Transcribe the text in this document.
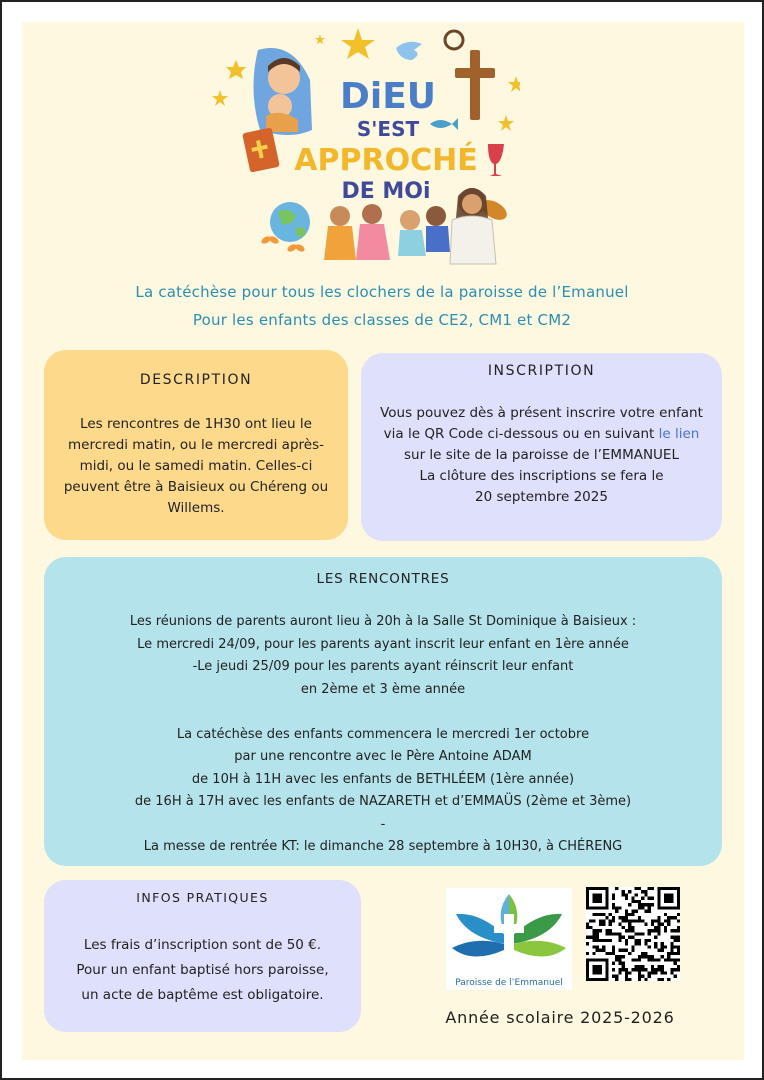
DiEU
S'EST
APPROCHÉ
DE MOi
La catéchèse pour tous les clochers de la paroisse de l’Emanuel
Pour les enfants des classes de CE2, CM1 et CM2
DESCRIPTION
Les rencontres de 1H30 ont lieu le mercredi matin, ou le mercredi après-midi, ou le samedi matin. Celles-ci peuvent être à Baisieux ou Chéreng ou Willems.
INSCRIPTION
Vous pouvez dès à présent inscrire votre enfant via le QR Code ci-dessous ou en suivant le lien sur le site de la paroisse de l’EMMANUEL
La clôture des inscriptions se fera le
20 septembre 2025
LES RENCONTRES
Les réunions de parents auront lieu à 20h à la Salle St Dominique à Baisieux :
Le mercredi 24/09, pour les parents ayant inscrit leur enfant en 1ère année
-Le jeudi 25/09 pour les parents ayant réinscrit leur enfant
en 2ème et 3 ème année
La catéchèse des enfants commencera le mercredi 1er octobre
par une rencontre avec le Père Antoine ADAM
de 10H à 11H avec les enfants de BETHLÉEM (1ère année)
de 16H à 17H avec les enfants de NAZARETH et d’EMMAÜS (2ème et 3ème)
-
La messe de rentrée KT: le dimanche 28 septembre à 10H30, à CHÉRENG
INFOS PRATIQUES
Les frais d’inscription sont de 50 €.
Pour un enfant baptisé hors paroisse,
un acte de baptême est obligatoire.
Paroisse de l’Emmanuel
Année scolaire 2025-2026
